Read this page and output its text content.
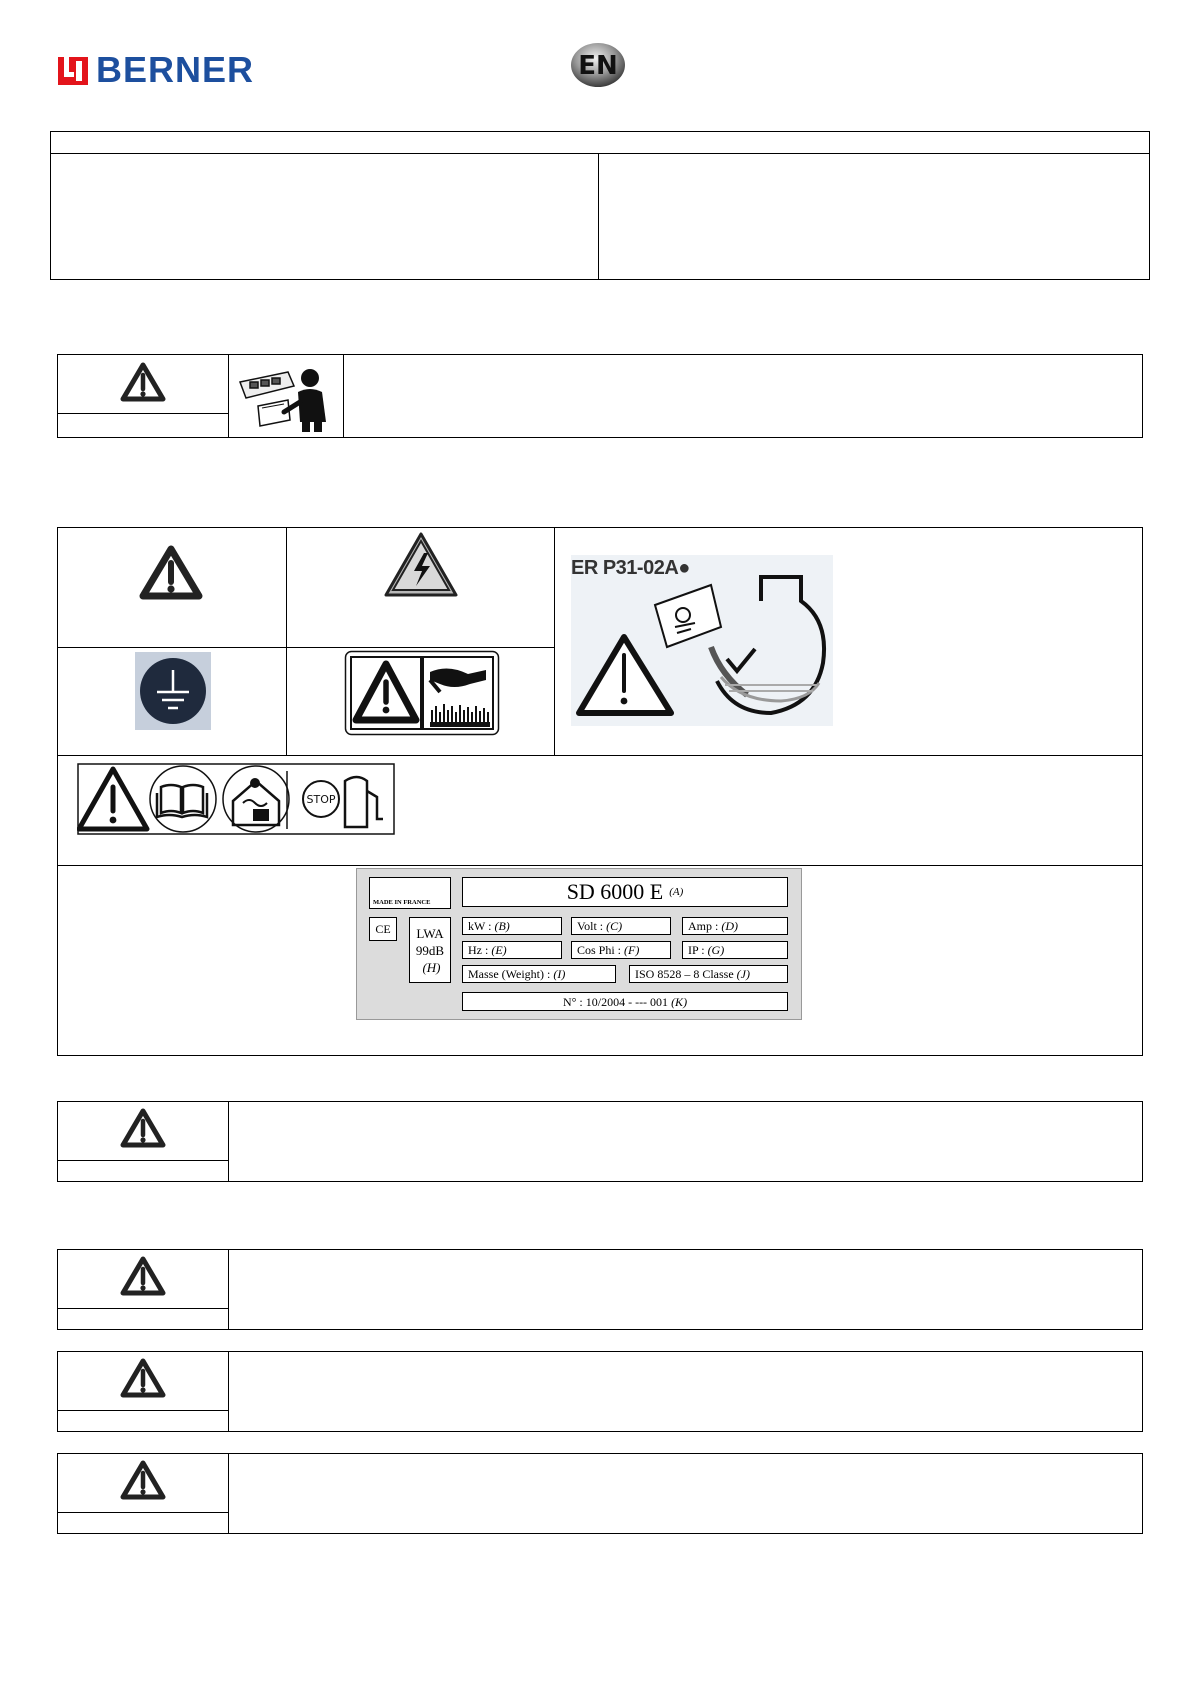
BERNER	EN
ER P31-02A●
STOP
MADE IN FRANCE	SD 6000 E (A)
CE	LWA
99dB
(H)
kW : (B)	Volt : (C)	Amp : (D)
Hz : (E)	Cos Phi : (F)	IP : (G)
Masse (Weight) : (I)	ISO 8528 – 8 Classe (J)
N° : 10/2004 - --- 001 (K)
